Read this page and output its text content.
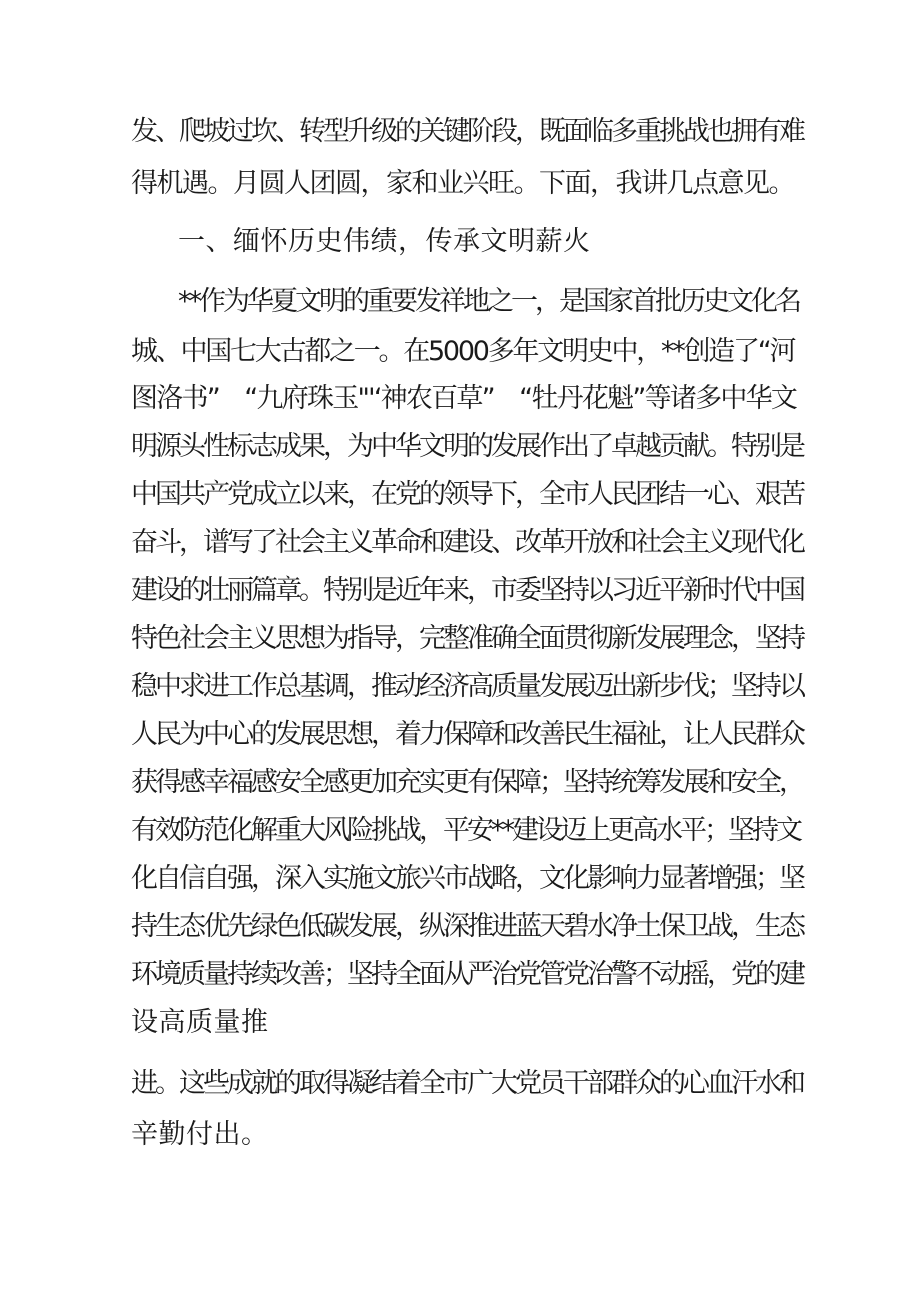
发、爬坡过坎、转型升级的关键阶段，既面临多重挑战也拥有难

得机遇。月圆人团圆，家和业兴旺。下面，我讲几点意见。

一、缅怀历史伟绩，传承文明薪火

**作为华夏文明的重要发祥地之一，是国家首批历史文化名

城、中国七大古都之一。在5000多年文明史中，**创造了“河

图洛书”　“九府珠玉"'‘神农百草”　“牡丹花魁”等诸多中华文

明源头性标志成果，为中华文明的发展作出了卓越贡献。特别是

中国共产党成立以来，在党的领导下，全市人民团结一心、艰苦

奋斗，谱写了社会主义革命和建设、改革开放和社会主义现代化

建设的壮丽篇章。特别是近年来，市委坚持以习近平新时代中国

特色社会主义思想为指导，完整准确全面贯彻新发展理念，坚持

稳中求进工作总基调，推动经济高质量发展迈出新步伐；坚持以

人民为中心的发展思想，着力保障和改善民生福祉，让人民群众

获得感幸福感安全感更加充实更有保障；坚持统筹发展和安全，

有效防范化解重大风险挑战，平安**建设迈上更高水平；坚持文

化自信自强，深入实施文旅兴市战略，文化影响力显著增强；坚

持生态优先绿色低碳发展，纵深推进蓝天碧水净土保卫战，生态

环境质量持续改善；坚持全面从严治党管党治警不动摇，党的建

设高质量推

进。这些成就的取得凝结着全市广大党员干部群众的心血汗水和

辛勤付出。
